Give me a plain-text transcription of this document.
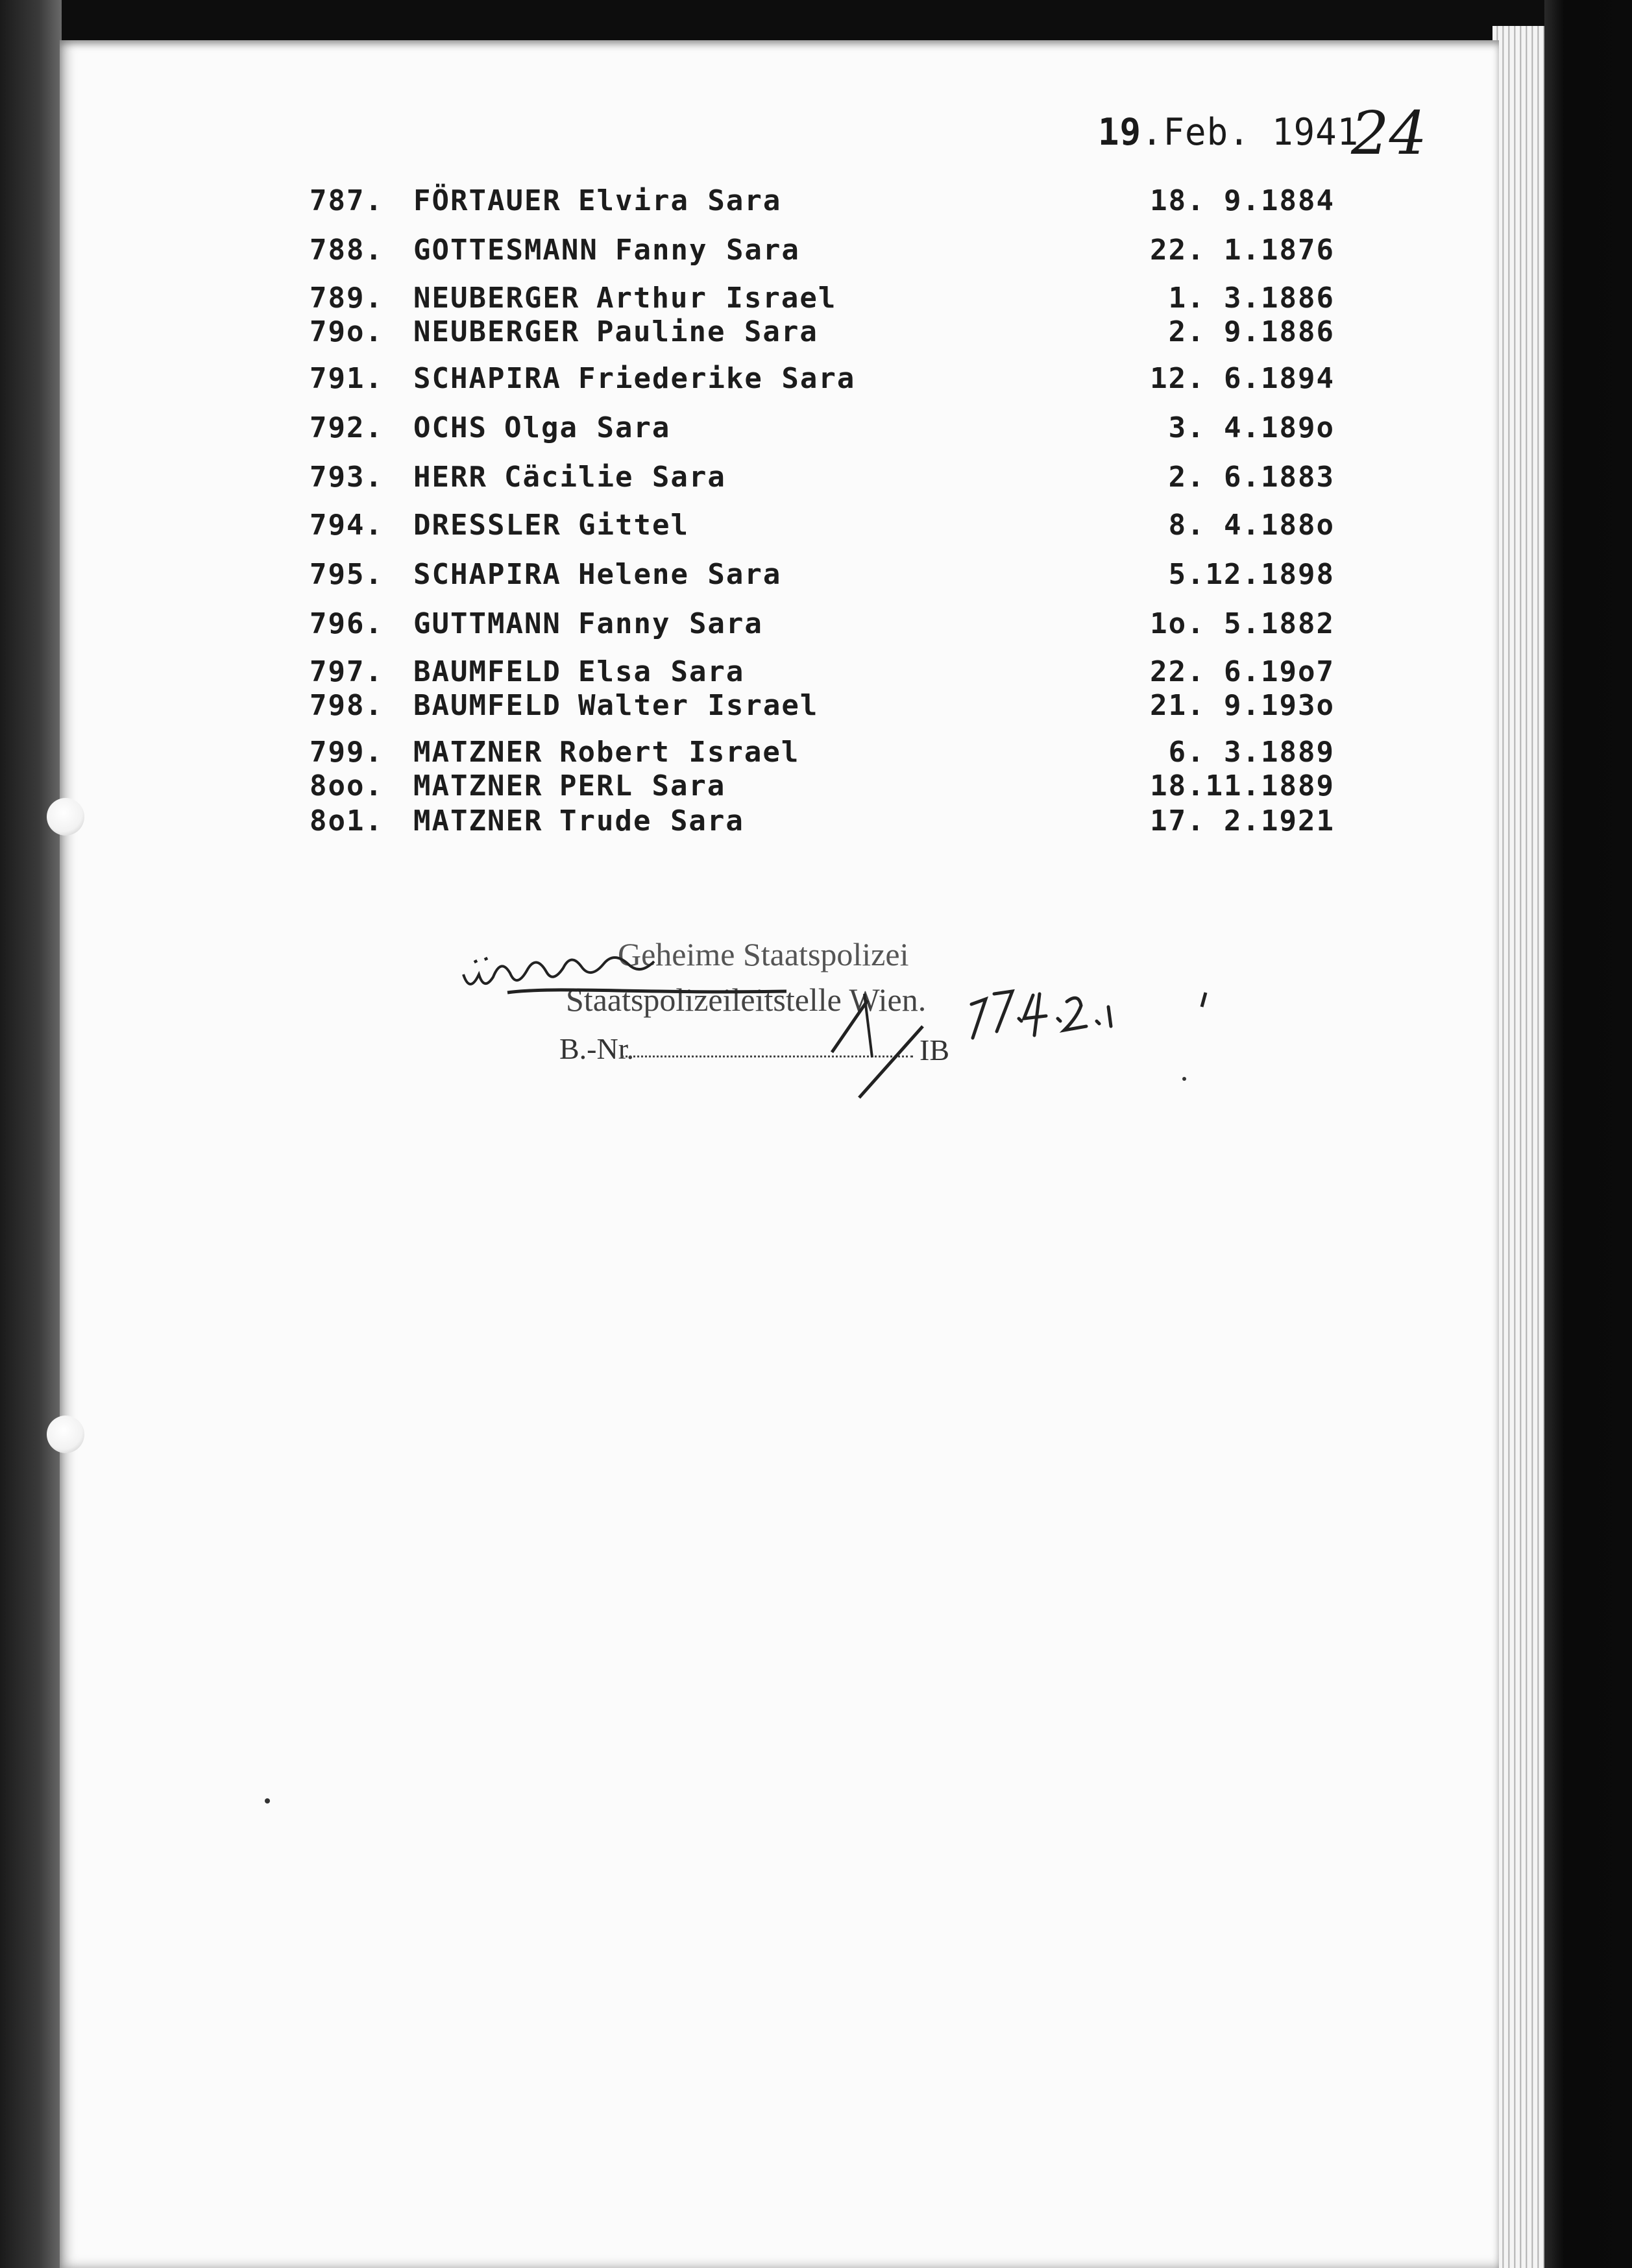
19.Feb. 1941
24
787. FÖRTAUER Elvira Sara	18. 9.1884
788. GOTTESMANN Fanny Sara	22. 1.1876
789. NEUBERGER Arthur Israel	1. 3.1886
79o. NEUBERGER Pauline Sara	2. 9.1886
791. SCHAPIRA Friederike Sara	12. 6.1894
792. OCHS Olga Sara	3. 4.189o
793. HERR Cäcilie Sara	2. 6.1883
794. DRESSLER Gittel	8. 4.188o
795. SCHAPIRA Helene Sara	5.12.1898
796. GUTTMANN Fanny Sara	1o. 5.1882
797. BAUMFELD Elsa Sara	22. 6.19o7
798. BAUMFELD Walter Israel	21. 9.193o
799. MATZNER Robert Israel	6. 3.1889
8oo. MATZNER PERL Sara	18.11.1889
8o1. MATZNER Trude Sara	17. 2.1921
Geheime Staatspolizei
Staatspolizeileitstelle Wien.
B.-Nr.	IB
